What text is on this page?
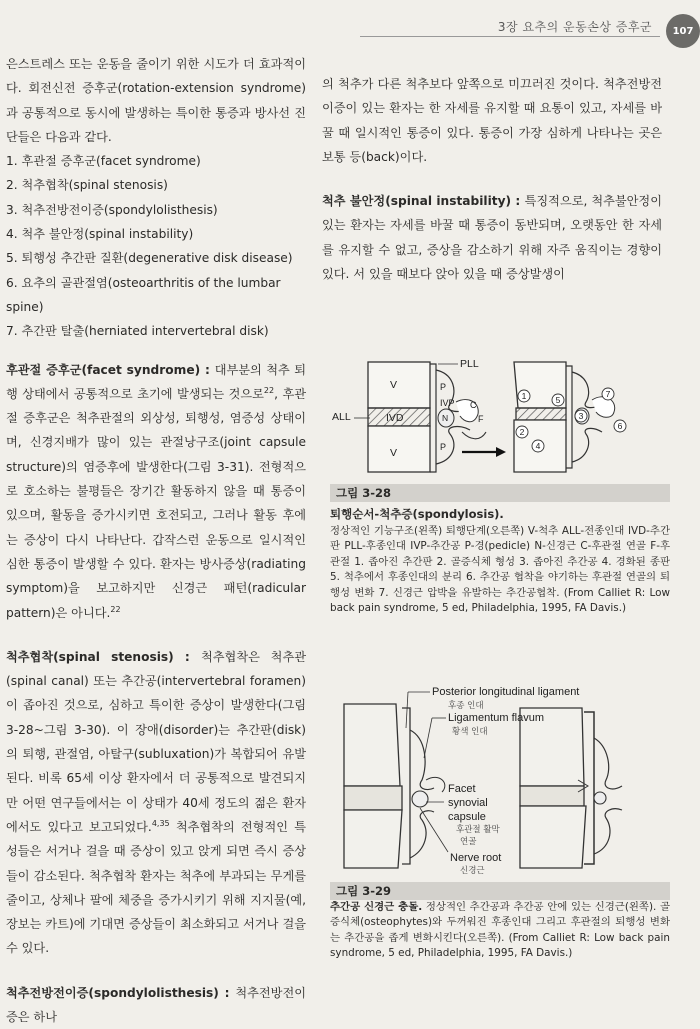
3장 요추의 운동손상 증후군	107

은스트레스 또는 운동을 줄이기 위한 시도가 더 효과적이다. 회전신전 증후군(rotation-extension syndrome)과 공통적으로 동시에 발생하는 특이한 통증과 방사선 진단들은 다음과 같다.

1. 후관절 증후군(facet syndrome)
2. 척추협착(spinal stenosis)
3. 척추전방전이증(spondylolisthesis)
4. 척추 불안정(spinal instability)
5. 퇴행성 추간판 질환(degenerative disk disease)
6. 요추의 골관절염(osteoarthritis of the lumbar spine)
7. 추간판 탈출(herniated intervertebral disk)

후관절 증후군(facet syndrome) : 대부분의 척추 퇴행 상태에서 공통적으로 초기에 발생되는 것으로$^{22}$, 후관절 증후군은 척추관절의 외상성, 퇴행성, 염증성 상태이며, 신경지배가 많이 있는 관절낭구조(joint capsule structure)의 염증후에 발생한다(그림 3-31). 전형적으로 호소하는 불평들은 장기간 활동하지 않을 때 통증이 있으며, 활동을 증가시키면 호전되고, 그러나 활동 후에는 증상이 다시 나타난다. 갑작스런 운동으로 일시적인 심한 통증이 발생할 수 있다. 환자는 방사증상(radiating symptom)을 보고하지만 신경근 패턴(radicular pattern)은 아니다.$^{22}$

척추협착(spinal stenosis) : 척추협착은 척추관(spinal canal) 또는 추간공(intervertebral foramen)이 좁아진 것으로, 심하고 특이한 증상이 발생한다(그림 3-28~그림 3-30). 이 장애(disorder)는 추간판(disk)의 퇴행, 관절염, 아탈구(subluxation)가 복합되어 유발된다. 비록 65세 이상 환자에서 더 공통적으로 발견되지만 어떤 연구들에서는 이 상태가 40세 정도의 젊은 환자에서도 있다고 보고되었다.$^{4,35}$ 척추협착의 전형적인 특성들은 서거나 걸을 때 증상이 있고 앉게 되면 즉시 증상들이 감소된다. 척추협착 환자는 척추에 부과되는 무게를 줄이고, 상체나 팔에 체중을 증가시키기 위해 지지물(예, 장보는 카트)에 기대면 증상들이 최소화되고 서거나 걸을 수 있다.

척추전방전이증(spondylolisthesis) : 척추전방전이증은 하나

의 척추가 다른 척추보다 앞쪽으로 미끄러진 것이다. 척추전방전이증이 있는 환자는 한 자세를 유지할 때 요통이 있고, 자세를 바꿀 때 일시적인 통증이 있다. 통증이 가장 심하게 나타나는 곳은 보통 등(back)이다.

척추 불안정(spinal instability) : 특징적으로, 척추불안정이 있는 환자는 자세를 바꿀 때 통증이 동반되며, 오랫동안 한 자세를 유지할 수 없고, 증상을 감소하기 위해 자주 움직이는 경향이 있다. 서 있을 때보다 앉아 있을 때 증상발생이

PLL
ALL	IVD
IVP
V
V
P
P
N
C
F
1
2
3
4
5
6
7
그림 3-28
퇴행순서-척추증(spondylosis).

정상적인 기능구조(왼쪽) 퇴행단계(오른쪽) V-척추 ALL-전종인대 IVD-추간판 PLL-후종인대 IVP-추간공 P-경(pedicle) N-신경근 C-후관절 연골 F-후관절 1. 좁아진 추간판 2. 골증식체 형성 3. 좁아진 추간공 4. 경화된 종판 5. 척추에서 후종인대의 분리 6. 추간공 협착을 야기하는 후관절 연골의 퇴행성 변화 7. 신경근 압박을 유발하는 추간공협착. (From Calliet R: Low back pain syndrome, 5 ed, Philadelphia, 1995, FA Davis.)

Posterior longitudinal ligament
후종 인대
Ligamentum flavum
황색 인대
Facet
synovial
capsule
후관절 활막
연골
Nerve root
신경근
그림 3-29

추간공 신경근 충돌. 정상적인 추간공과 추간공 안에 있는 신경근(왼쪽). 골증식체(osteophytes)와 두꺼워진 후종인대 그리고 후관절의 퇴행성 변화는 추간공을 좁게 변화시킨다(오른쪽). (From Calliet R: Low back pain syndrome, 5 ed, Philadelphia, 1995, FA Davis.)
